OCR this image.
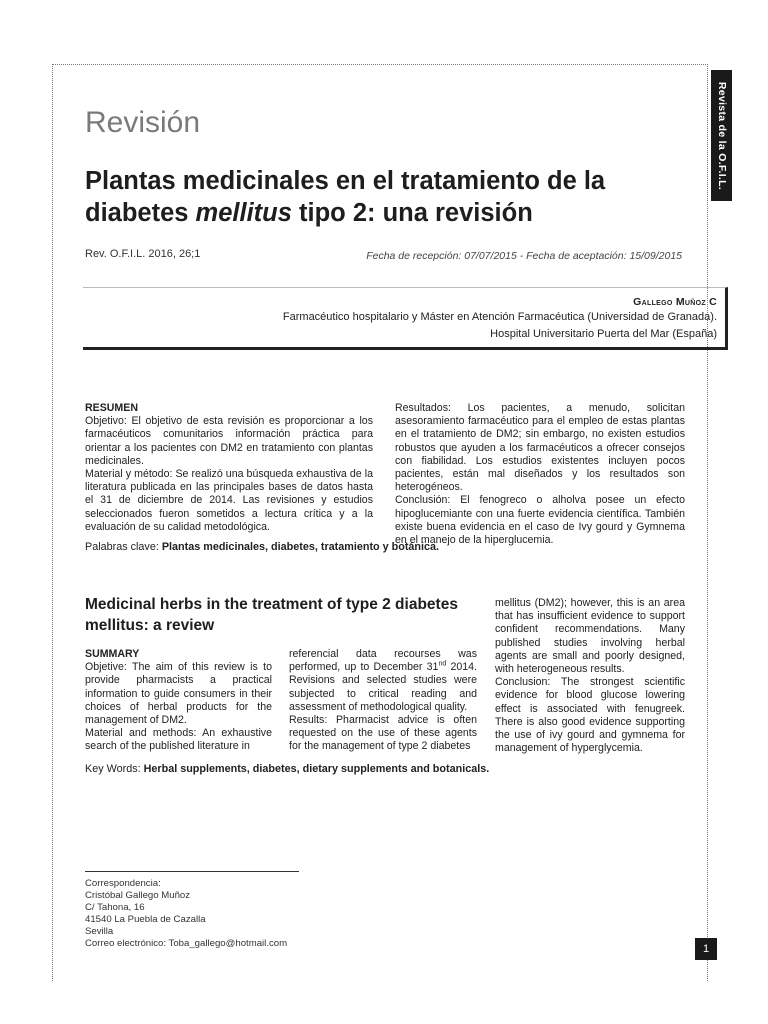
Revista de la O.F.I.L.
Revisión
Plantas medicinales en el tratamiento de la diabetes mellitus tipo 2: una revisión
Rev. O.F.I.L. 2016, 26;1	Fecha de recepción: 07/07/2015 - Fecha de aceptación: 15/09/2015
Gallego Muñoz C
Farmacéutico hospitalario y Máster en Atención Farmacéutica (Universidad de Granada).
Hospital Universitario Puerta del Mar (España)

RESUMEN

Objetivo: El objetivo de esta revisión es proporcionar a los farmacéuticos comunitarios información práctica para orientar a los pacientes con DM2 en tratamiento con plantas medicinales.

Material y método: Se realizó una búsqueda exhaustiva de la literatura publicada en las principales bases de datos hasta el 31 de diciembre de 2014. Las revisiones y estudios seleccionados fueron sometidos a lectura crítica y a la evaluación de su calidad metodológica.

Resultados: Los pacientes, a menudo, solicitan asesoramiento farmacéutico para el empleo de estas plantas en el tratamiento de DM2; sin embargo, no existen estudios robustos que ayuden a los farmacéuticos a ofrecer consejos con fiabilidad. Los estudios existentes incluyen pocos pacientes, están mal diseñados y los resultados son heterogéneos.

Conclusión: El fenogreco o alholva posee un efecto hipoglucemiante con una fuerte evidencia científica. También existe buena evidencia en el caso de Ivy gourd y Gymnema en el manejo de la hiperglucemia.

Palabras clave: Plantas medicinales, diabetes, tratamiento y botánica.
Medicinal herbs in the treatment of type 2 diabetes mellitus: a review

SUMMARY

Objetive: The aim of this review is to provide pharmacists a practical information to guide consumers in their choices of herbal products for the management of DM2.

Material and methods: An exhaustive search of the published literature in

referencial data recourses was performed, up to December 31nd 2014. Revisions and selected studies were subjected to critical reading and assessment of methodological quality.

Results: Pharmacist advice is often requested on the use of these agents for the management of type 2 diabetes

mellitus (DM2); however, this is an area that has insufficient evidence to support confident recommendations. Many published studies involving herbal agents are small and poorly designed, with heterogeneous results.

Conclusion: The strongest scientific evidence for blood glucose lowering effect is associated with fenugreek. There is also good evidence supporting the use of ivy gourd and gymnema for management of hyperglycemia.

Key Words: Herbal supplements, diabetes, dietary supplements and botanicals.
Correspondencia:
Cristóbal Gallego Muñoz
C/ Tahona, 16
41540 La Puebla de Cazalla
Sevilla
Correo electrónico: Toba_gallego@hotmail.com	1
